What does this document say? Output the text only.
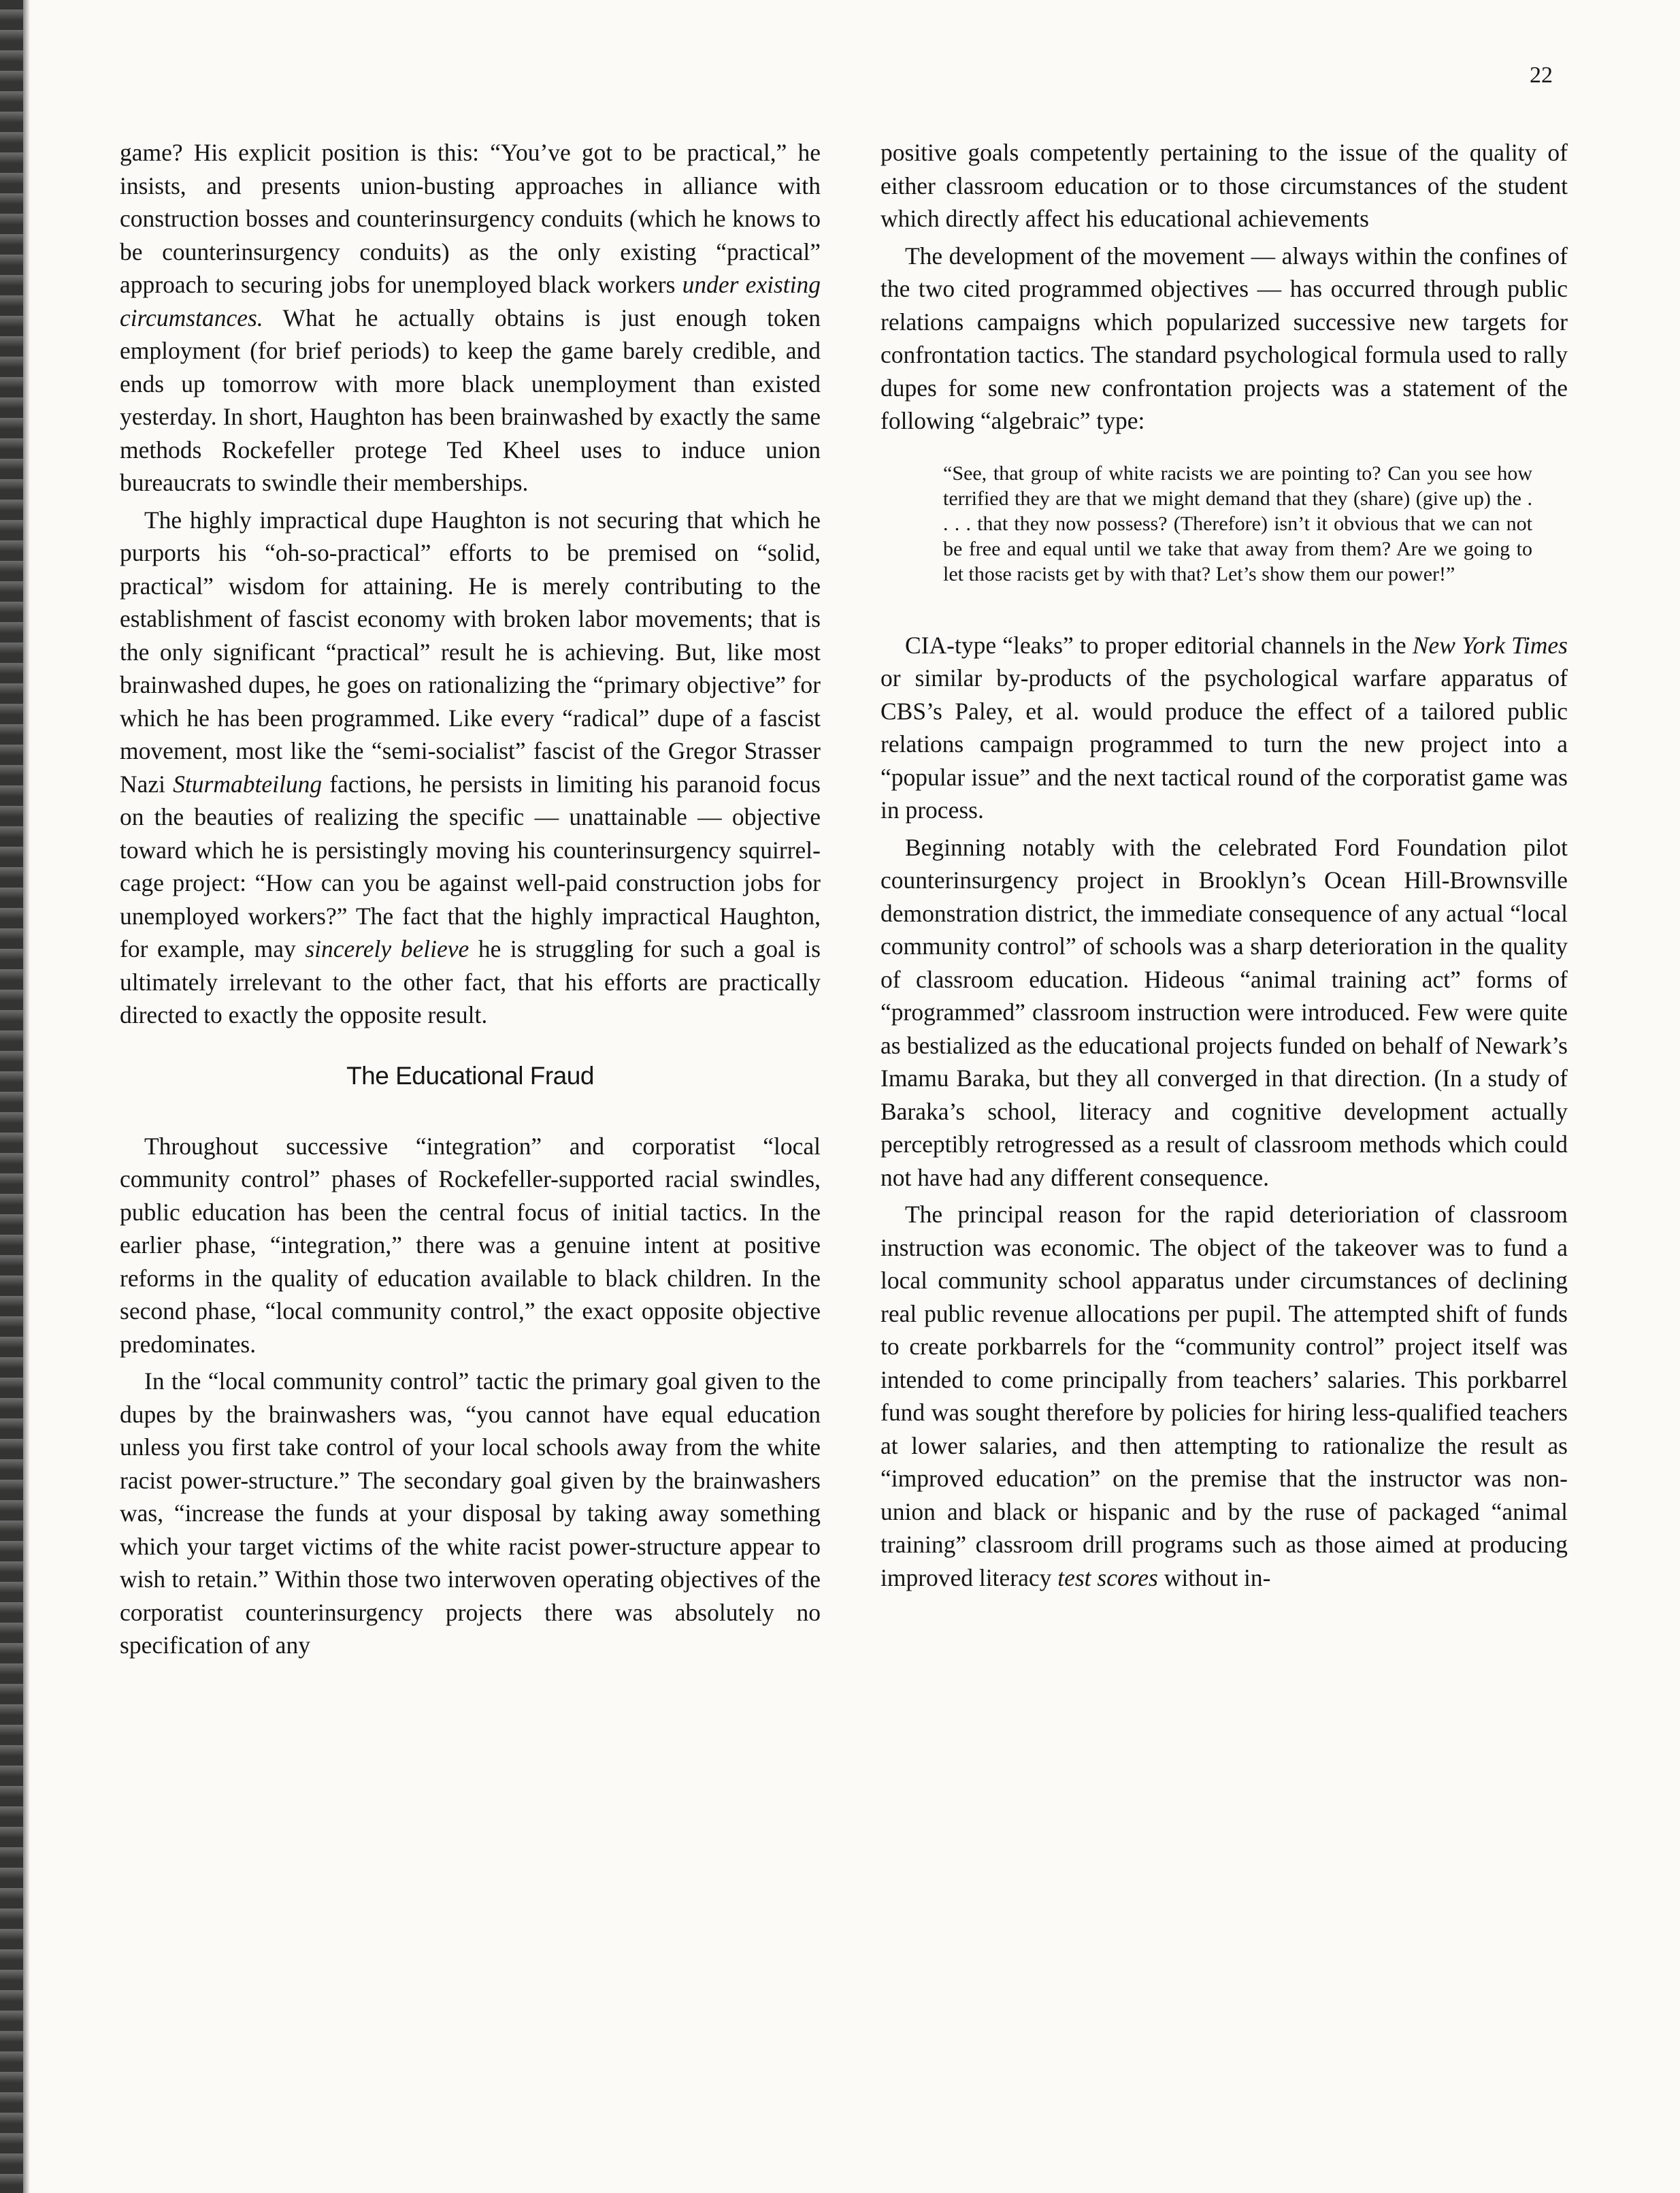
22

game? His explicit position is this: “You’ve got to be practical,” he insists, and presents union-busting approaches in alliance with construction bosses and counterinsurgency conduits (which he knows to be counterinsurgency conduits) as the only existing “practical” approach to securing jobs for unemployed black workers under existing circumstances. What he actually obtains is just enough token employment (for brief periods) to keep the game barely credible, and ends up tomorrow with more black unemployment than existed yesterday. In short, Haughton has been brainwashed by exactly the same methods Rockefeller protege Ted Kheel uses to induce union bureaucrats to swindle their memberships.

The highly impractical dupe Haughton is not securing that which he purports his “oh-so-practical” efforts to be premised on “solid, practical” wisdom for attaining. He is merely contributing to the establishment of fascist economy with broken labor movements; that is the only significant “practical” result he is achieving. But, like most brainwashed dupes, he goes on rationalizing the “primary objective” for which he has been programmed. Like every “radical” dupe of a fascist movement, most like the “semi-socialist” fascist of the Gregor Strasser Nazi Sturmabteilung factions, he persists in limiting his paranoid focus on the beauties of realizing the specific — unattainable — objective toward which he is persistingly moving his counterinsurgency squirrel-cage project: “How can you be against well-paid construction jobs for unemployed workers?” The fact that the highly impractical Haughton, for example, may sincerely believe he is struggling for such a goal is ultimately irrelevant to the other fact, that his efforts are practically directed to exactly the opposite result.

The Educational Fraud

Throughout successive “integration” and corporatist “local community control” phases of Rockefeller-supported racial swindles, public education has been the central focus of initial tactics. In the earlier phase, “integration,” there was a genuine intent at positive reforms in the quality of education available to black children. In the second phase, “local community control,” the exact opposite objective predominates.

In the “local community control” tactic the primary goal given to the dupes by the brainwashers was, “you cannot have equal education unless you first take control of your local schools away from the white racist power-structure.” The secondary goal given by the brainwashers was, “increase the funds at your disposal by taking away something which your target victims of the white racist power-structure appear to wish to retain.” Within those two interwoven operating objectives of the corporatist counterinsurgency projects there was absolutely no specification of any

positive goals competently pertaining to the issue of the quality of either classroom education or to those circumstances of the student which directly affect his educational achievements

The development of the movement — always within the confines of the two cited programmed objectives — has occurred through public relations campaigns which popularized successive new targets for confrontation tactics. The standard psychological formula used to rally dupes for some new confrontation projects was a statement of the following “algebraic” type:

“See, that group of white racists we are pointing to? Can you see how terrified they are that we might demand that they (share) (give up) the . . . . that they now possess? (Therefore) isn’t it obvious that we can not be free and equal until we take that away from them? Are we going to let those racists get by with that? Let’s show them our power!”

CIA-type “leaks” to proper editorial channels in the New York Times or similar by-products of the psychological warfare apparatus of CBS’s Paley, et al. would produce the effect of a tailored public relations campaign programmed to turn the new project into a “popular issue” and the next tactical round of the corporatist game was in process.

Beginning notably with the celebrated Ford Foundation pilot counterinsurgency project in Brooklyn’s Ocean Hill-Brownsville demonstration district, the immediate consequence of any actual “local community control” of schools was a sharp deterioration in the quality of classroom education. Hideous “animal training act” forms of “programmed” classroom instruction were introduced. Few were quite as bestialized as the educational projects funded on behalf of Newark’s Imamu Baraka, but they all converged in that direction. (In a study of Baraka’s school, literacy and cognitive development actually perceptibly retrogressed as a result of classroom methods which could not have had any different consequence.

The principal reason for the rapid deterioriation of classroom instruction was economic. The object of the takeover was to fund a local community school apparatus under circumstances of declining real public revenue allocations per pupil. The attempted shift of funds to create porkbarrels for the “community control” project itself was intended to come principally from teachers’ salaries. This porkbarrel fund was sought therefore by policies for hiring less-qualified teachers at lower salaries, and then attempting to rationalize the result as “improved education” on the premise that the instructor was non-union and black or hispanic and by the ruse of packaged “animal training” classroom drill programs such as those aimed at producing improved literacy test scores without in-
